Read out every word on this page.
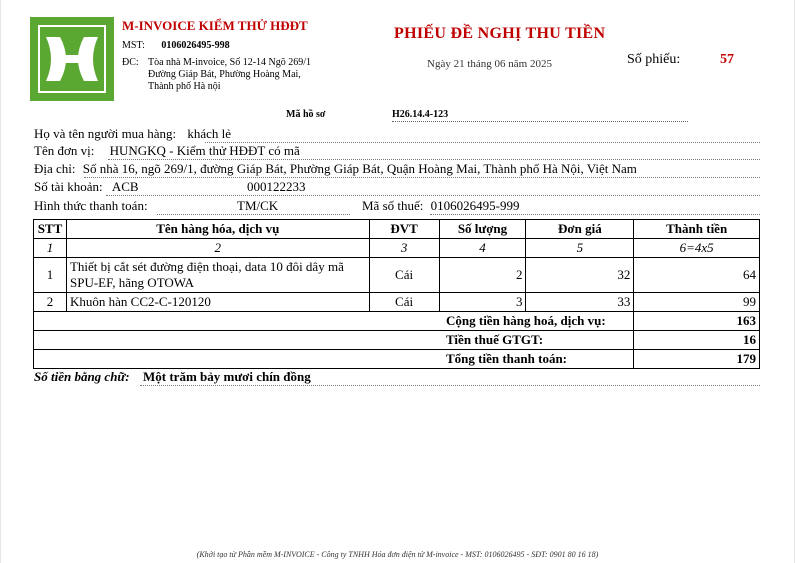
M-INVOICE KIỂM THỬ HĐĐT
MST: 0106026495-998
ĐC: Tòa nhà M-invoice, Số 12-14 Ngõ 269/1
Đường Giáp Bát, Phường Hoàng Mai,
Thành phố Hà nội
PHIẾU ĐỀ NGHỊ THU TIỀN
Ngày 21 tháng 06 năm 2025	Số phiếu:	57
Mã hồ sơ	H26.14.4-123
Họ và tên người mua hàng: khách lẻ
Tên đơn vị: HUNGKQ - Kiểm thử HĐĐT có mã
Địa chỉ: Số nhà 16, ngõ 269/1, đường Giáp Bát, Phường Giáp Bát, Quận Hoàng Mai, Thành phố Hà Nội, Việt Nam
Số tài khoản: ACB	000122233
Hình thức thanh toán:	TM/CK	Mã số thuế: 0106026495-999
STT	Tên hàng hóa, dịch vụ	ĐVT	Số lượng	Đơn giá	Thành tiền
1	2	3	4	5	6=4x5
1	Thiết bị cắt sét đường điện thoại, data 10 đôi dây mã SPU-EF, hãng OTOWA	Cái	2	32	64
2	Khuôn hàn CC2-C-120120	Cái	3	33	99
Cộng tiền hàng hoá, dịch vụ:					163
Tiền thuế GTGT:					16
Tổng tiền thanh toán:					179
Số tiền bằng chữ: Một trăm bảy mươi chín đồng
(Khởi tạo từ Phần mềm M-INVOICE - Công ty TNHH Hóa đơn điện tử M-invoice - MST: 0106026495 - SĐT: 0901 80 16 18)
